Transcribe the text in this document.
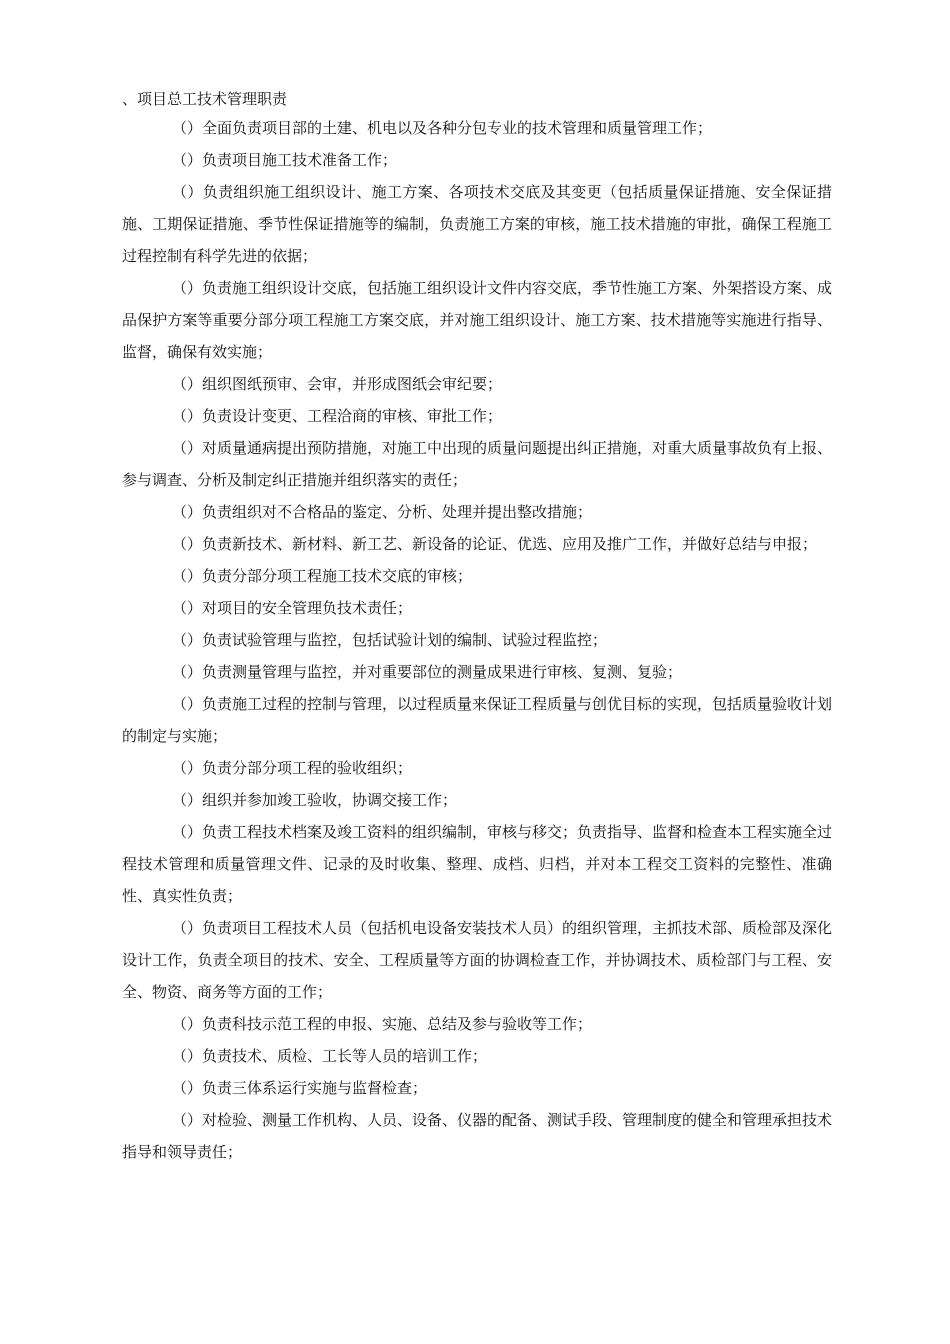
、项目总工技术管理职责

（）全面负责项目部的土建、机电以及各种分包专业的技术管理和质量管理工作；

（）负责项目施工技术准备工作；

（）负责组织施工组织设计、施工方案、各项技术交底及其变更（包括质量保证措施、安全保证措施、工期保证措施、季节性保证措施等的编制，负责施工方案的审核，施工技术措施的审批，确保工程施工过程控制有科学先进的依据；

（）负责施工组织设计交底，包括施工组织设计文件内容交底，季节性施工方案、外架搭设方案、成品保护方案等重要分部分项工程施工方案交底，并对施工组织设计、施工方案、技术措施等实施进行指导、监督，确保有效实施；

（）组织图纸预审、会审，并形成图纸会审纪要；

（）负责设计变更、工程洽商的审核、审批工作；

（）对质量通病提出预防措施，对施工中出现的质量问题提出纠正措施，对重大质量事故负有上报、参与调查、分析及制定纠正措施并组织落实的责任；

（）负责组织对不合格品的鉴定、分析、处理并提出整改措施；

（）负责新技术、新材料、新工艺、新设备的论证、优选、应用及推广工作，并做好总结与申报；

（）负责分部分项工程施工技术交底的审核；

（）对项目的安全管理负技术责任；

（）负责试验管理与监控，包括试验计划的编制、试验过程监控；

（）负责测量管理与监控，并对重要部位的测量成果进行审核、复测、复验；

（）负责施工过程的控制与管理，以过程质量来保证工程质量与创优目标的实现，包括质量验收计划的制定与实施；

（）负责分部分项工程的验收组织；

（）组织并参加竣工验收，协调交接工作；

（）负责工程技术档案及竣工资料的组织编制，审核与移交；负责指导、监督和检查本工程实施全过程技术管理和质量管理文件、记录的及时收集、整理、成档、归档，并对本工程交工资料的完整性、准确性、真实性负责；

（）负责项目工程技术人员（包括机电设备安装技术人员）的组织管理，主抓技术部、质检部及深化设计工作，负责全项目的技术、安全、工程质量等方面的协调检查工作，并协调技术、质检部门与工程、安全、物资、商务等方面的工作；

（）负责科技示范工程的申报、实施、总结及参与验收等工作；

（）负责技术、质检、工长等人员的培训工作；

（）负责三体系运行实施与监督检查；

（）对检验、测量工作机构、人员、设备、仪器的配备、测试手段、管理制度的健全和管理承担技术指导和领导责任；
